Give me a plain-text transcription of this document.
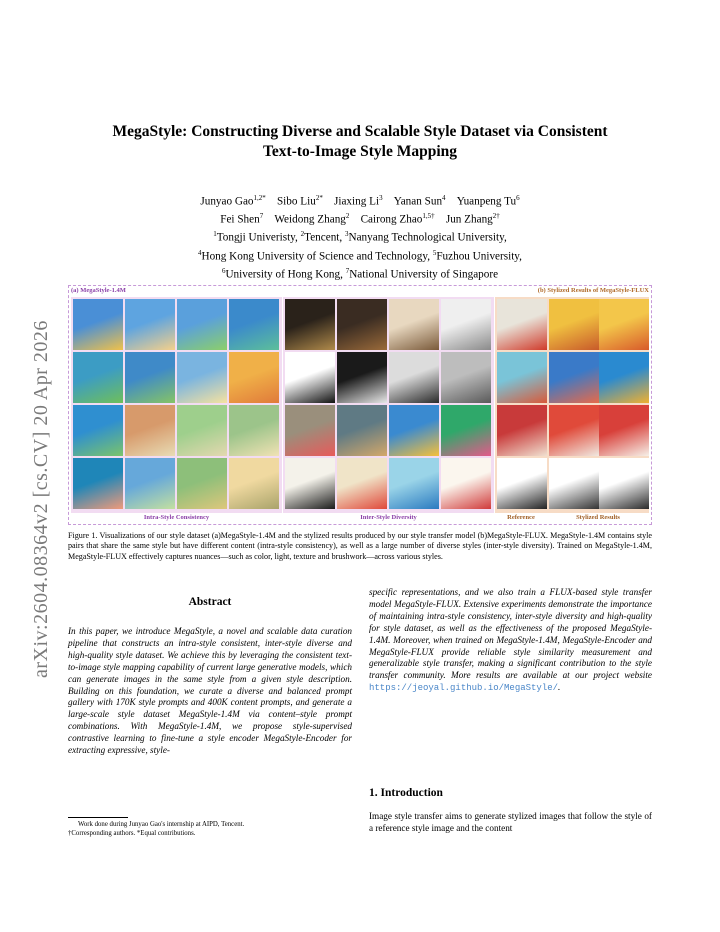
arXiv:2604.08364v2 [cs.CV] 20 Apr 2026
MegaStyle: Constructing Diverse and Scalable Style Dataset via Consistent
Text-to-Image Style Mapping
Junyao Gao$^{1,2*}$ Sibo Liu$^{2*}$ Jiaxing Li$^3$ Yanan Sun$^4$ Yuanpeng Tu$^6$
Fei Shen$^7$ Weidong Zhang$^2$ Cairong Zhao$^{1,5\dagger}$ Jun Zhang$^{2\dagger}$
$^1$Tongji Univeristy, $^2$Tencent, $^3$Nanyang Technological University,
$^4$Hong Kong University of Science and Technology, $^5$Fuzhou University,
$^6$University of Hong Kong, $^7$National University of Singapore
(a) MegaStyle-1.4M	(b) Stylized Results of MegaStyle-FLUX
Intra-Style Consistency	Inter-Style Diversity	Reference	Stylized Results
Figure 1. Visualizations of our style dataset (a)MegaStyle-1.4M and the stylized results produced by our style transfer model (b)MegaStyle-FLUX. MegaStyle-1.4M contains style pairs that share the same style but have different content (intra-style consistency), as well as a large number of diverse styles (inter-style diversity). Trained on MegaStyle-1.4M, MegaStyle-FLUX effectively captures nuances—such as color, light, texture and brushwork—across various styles.
Abstract
In this paper, we introduce MegaStyle, a novel and scalable data curation pipeline that constructs an intra-style consistent, inter-style diverse and high-quality style dataset. We achieve this by leveraging the consistent text-to-image style mapping capability of current large generative models, which can generate images in the same style from a given style description. Building on this foundation, we curate a diverse and balanced prompt gallery with 170K style prompts and 400K content prompts, and generate a large-scale style dataset MegaStyle-1.4M via content–style prompt combinations. With MegaStyle-1.4M, we propose style-supervised contrastive learning to fine-tune a style encoder MegaStyle-Encoder for extracting expressive, style-
specific representations, and we also train a FLUX-based style transfer model MegaStyle-FLUX. Extensive experiments demonstrate the importance of maintaining intra-style consistency, inter-style diversity and high-quality for style dataset, as well as the effectiveness of the proposed MegaStyle-1.4M. Moreover, when trained on MegaStyle-1.4M, MegaStyle-Encoder and MegaStyle-FLUX provide reliable style similarity measurement and generalizable style transfer, making a significant contribution to the style transfer community. More results are available at our project website https://jeoyal.github.io/MegaStyle/.
1. Introduction
Image style transfer aims to generate stylized images that follow the style of a reference style image and the content
Work done during Junyao Gao's internship at AIPD, Tencent.
†Corresponding authors. *Equal contributions.
